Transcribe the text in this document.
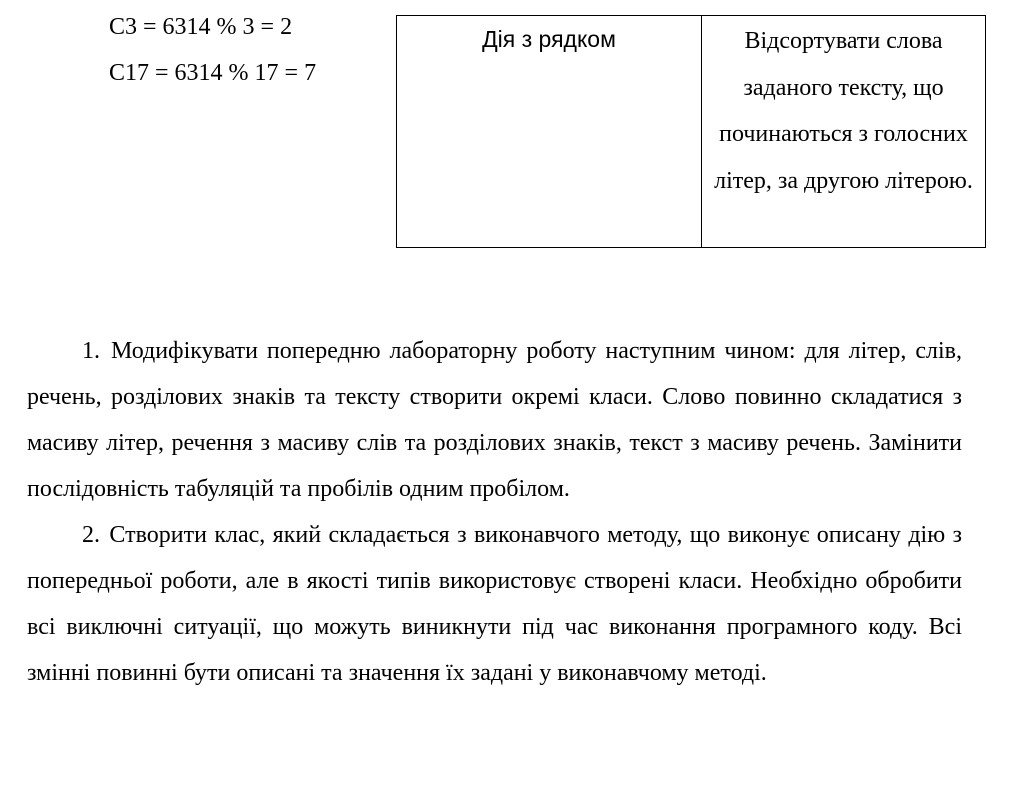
C3 = 6314 % 3 = 2
C17 = 6314 % 17 = 7
Дія з рядком	Відсортувати слова заданого тексту, що починаються з голосних літер, за другою літерою.

1. Модифікувати попередню лабораторну роботу наступним чином: для літер, слів, речень, розділових знаків та тексту створити окремі класи. Слово повинно складатися з масиву літер, речення з масиву слів та розділових знаків, текст з масиву речень. Замінити послідовність табуляцій та пробілів одним пробілом.

2. Створити клас, який складається з виконавчого методу, що виконує описану дію з попередньої роботи, але в якості типів використовує створені класи. Необхідно обробити всі виключні ситуації, що можуть виникнути під час виконання програмного коду. Всі змінні повинні бути описані та значення їх задані у виконавчому методі.
